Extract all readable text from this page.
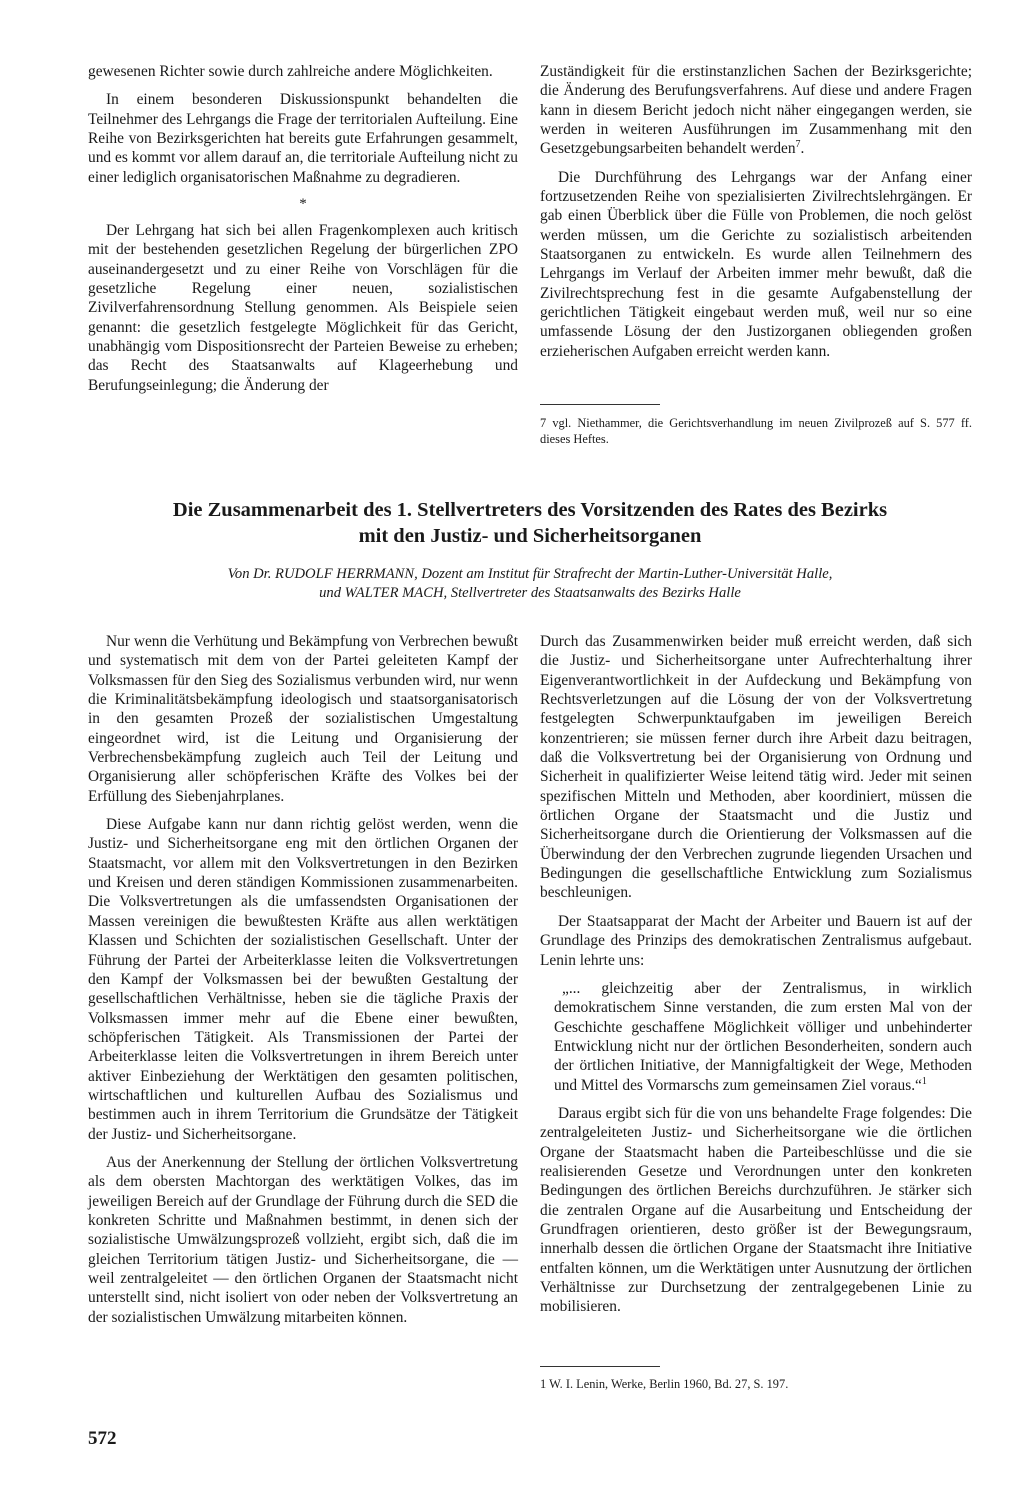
gewesenen Richter sowie durch zahlreiche andere Möglichkeiten.

In einem besonderen Diskussionspunkt behandelten die Teilnehmer des Lehrgangs die Frage der territorialen Aufteilung. Eine Reihe von Bezirksgerichten hat bereits gute Erfahrungen gesammelt, und es kommt vor allem darauf an, die territoriale Aufteilung nicht zu einer lediglich organisatorischen Maßnahme zu degradieren.

*

Der Lehrgang hat sich bei allen Fragenkomplexen auch kritisch mit der bestehenden gesetzlichen Regelung der bürgerlichen ZPO auseinandergesetzt und zu einer Reihe von Vorschlägen für die gesetzliche Regelung einer neuen, sozialistischen Zivilverfahrensordnung Stellung genommen. Als Beispiele seien genannt: die gesetzlich festgelegte Möglichkeit für das Gericht, unabhängig vom Dispositionsrecht der Parteien Beweise zu erheben; das Recht des Staatsanwalts auf Klageerhebung und Berufungseinlegung; die Änderung der

Zuständigkeit für die erstinstanzlichen Sachen der Bezirksgerichte; die Änderung des Berufungsverfahrens. Auf diese und andere Fragen kann in diesem Bericht jedoch nicht näher eingegangen werden, sie werden in weiteren Ausführungen im Zusammenhang mit den Gesetzgebungsarbeiten behandelt werden$^7$.

Die Durchführung des Lehrgangs war der Anfang einer fortzusetzenden Reihe von spezialisierten Zivilrechtslehrgängen. Er gab einen Überblick über die Fülle von Problemen, die noch gelöst werden müssen, um die Gerichte zu sozialistisch arbeitenden Staatsorganen zu entwickeln. Es wurde allen Teilnehmern des Lehrgangs im Verlauf der Arbeiten immer mehr bewußt, daß die Zivilrechtsprechung fest in die gesamte Aufgabenstellung der gerichtlichen Tätigkeit eingebaut werden muß, weil nur so eine umfassende Lösung der den Justizorganen obliegenden großen erzieherischen Aufgaben erreicht werden kann.

7 vgl. Niethammer, die Gerichtsverhandlung im neuen Zivilprozeß auf S. 577 ff. dieses Heftes.
Die Zusammenarbeit des 1. Stellvertreters des Vorsitzenden des Rates des Bezirks
mit den Justiz- und Sicherheitsorganen
Von Dr. RUDOLF HERRMANN, Dozent am Institut für Strafrecht der Martin-Luther-Universität Halle,
und WALTER MACH, Stellvertreter des Staatsanwalts des Bezirks Halle

Nur wenn die Verhütung und Bekämpfung von Verbrechen bewußt und systematisch mit dem von der Partei geleiteten Kampf der Volksmassen für den Sieg des Sozialismus verbunden wird, nur wenn die Kriminalitätsbekämpfung ideologisch und staatsorganisatorisch in den gesamten Prozeß der sozialistischen Umgestaltung eingeordnet wird, ist die Leitung und Organisierung der Verbrechensbekämpfung zugleich auch Teil der Leitung und Organisierung aller schöpferischen Kräfte des Volkes bei der Erfüllung des Siebenjahrplanes.

Diese Aufgabe kann nur dann richtig gelöst werden, wenn die Justiz- und Sicherheitsorgane eng mit den örtlichen Organen der Staatsmacht, vor allem mit den Volksvertretungen in den Bezirken und Kreisen und deren ständigen Kommissionen zusammenarbeiten. Die Volksvertretungen als die umfassendsten Organisationen der Massen vereinigen die bewußtesten Kräfte aus allen werktätigen Klassen und Schichten der sozialistischen Gesellschaft. Unter der Führung der Partei der Arbeiterklasse leiten die Volksvertretungen den Kampf der Volksmassen bei der bewußten Gestaltung der gesellschaftlichen Verhältnisse, heben sie die tägliche Praxis der Volksmassen immer mehr auf die Ebene einer bewußten, schöpferischen Tätigkeit. Als Transmissionen der Partei der Arbeiterklasse leiten die Volksvertretungen in ihrem Bereich unter aktiver Einbeziehung der Werktätigen den gesamten politischen, wirtschaftlichen und kulturellen Aufbau des Sozialismus und bestimmen auch in ihrem Territorium die Grundsätze der Tätigkeit der Justiz- und Sicherheitsorgane.

Aus der Anerkennung der Stellung der örtlichen Volksvertretung als dem obersten Machtorgan des werktätigen Volkes, das im jeweiligen Bereich auf der Grundlage der Führung durch die SED die konkreten Schritte und Maßnahmen bestimmt, in denen sich der sozialistische Umwälzungsprozeß vollzieht, ergibt sich, daß die im gleichen Territorium tätigen Justiz- und Sicherheitsorgane, die — weil zentralgeleitet — den örtlichen Organen der Staatsmacht nicht unterstellt sind, nicht isoliert von oder neben der Volksvertretung an der sozialistischen Umwälzung mitarbeiten können.

Durch das Zusammenwirken beider muß erreicht werden, daß sich die Justiz- und Sicherheitsorgane unter Aufrechterhaltung ihrer Eigenverantwortlichkeit in der Aufdeckung und Bekämpfung von Rechtsverletzungen auf die Lösung der von der Volksvertretung festgelegten Schwerpunktaufgaben im jeweiligen Bereich konzentrieren; sie müssen ferner durch ihre Arbeit dazu beitragen, daß die Volksvertretung bei der Organisierung von Ordnung und Sicherheit in qualifizierter Weise leitend tätig wird. Jeder mit seinen spezifischen Mitteln und Methoden, aber koordiniert, müssen die örtlichen Organe der Staatsmacht und die Justiz und Sicherheitsorgane durch die Orientierung der Volksmassen auf die Überwindung der den Verbrechen zugrunde liegenden Ursachen und Bedingungen die gesellschaftliche Entwicklung zum Sozialismus beschleunigen.

Der Staatsapparat der Macht der Arbeiter und Bauern ist auf der Grundlage des Prinzips des demokratischen Zentralismus aufgebaut. Lenin lehrte uns:

„... gleichzeitig aber der Zentralismus, in wirklich demokratischem Sinne verstanden, die zum ersten Mal von der Geschichte geschaffene Möglichkeit völliger und unbehinderter Entwicklung nicht nur der örtlichen Besonderheiten, sondern auch der örtlichen Initiative, der Mannigfaltigkeit der Wege, Methoden und Mittel des Vormarschs zum gemeinsamen Ziel voraus.“$^1$

Daraus ergibt sich für die von uns behandelte Frage folgendes: Die zentralgeleiteten Justiz- und Sicherheitsorgane wie die örtlichen Organe der Staatsmacht haben die Parteibeschlüsse und die sie realisierenden Gesetze und Verordnungen unter den konkreten Bedingungen des örtlichen Bereichs durchzuführen. Je stärker sich die zentralen Organe auf die Ausarbeitung und Entscheidung der Grundfragen orientieren, desto größer ist der Bewegungsraum, innerhalb dessen die örtlichen Organe der Staatsmacht ihre Initiative entfalten können, um die Werktätigen unter Ausnutzung der örtlichen Verhältnisse zur Durchsetzung der zentralgegebenen Linie zu mobilisieren.

1 W. I. Lenin, Werke, Berlin 1960, Bd. 27, S. 197.
572
